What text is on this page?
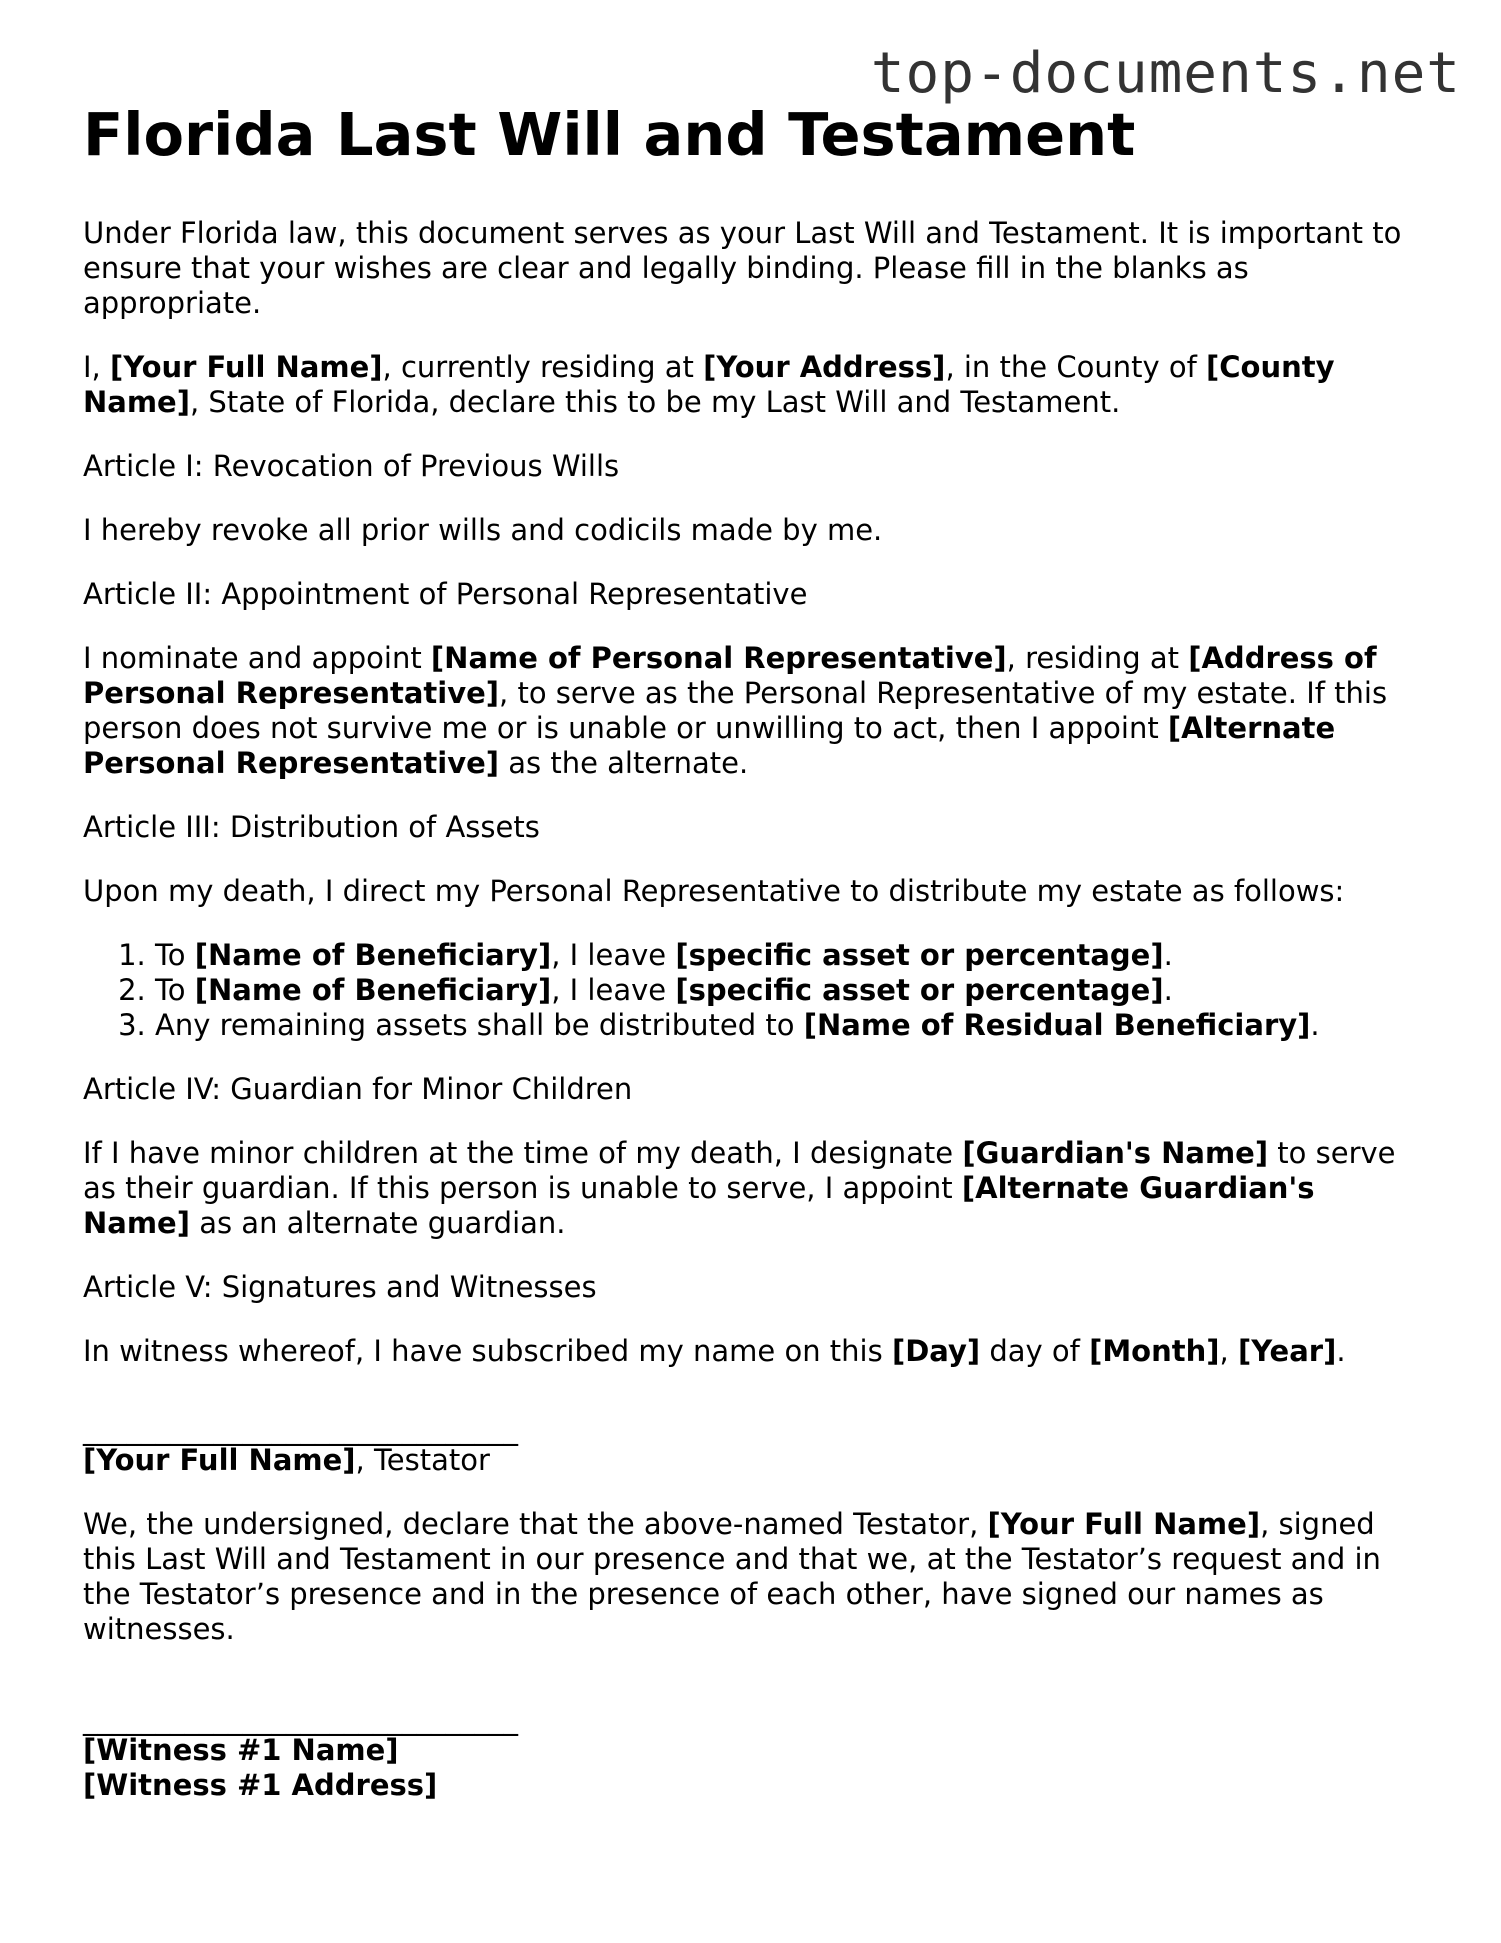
top-documents.net
Florida Last Will and Testament

Under Florida law, this document serves as your Last Will and Testament. It is important to ensure that your wishes are clear and legally binding. Please fill in the blanks as appropriate.

I, [Your Full Name], currently residing at [Your Address], in the County of [County Name], State of Florida, declare this to be my Last Will and Testament.

Article I: Revocation of Previous Wills

I hereby revoke all prior wills and codicils made by me.

Article II: Appointment of Personal Representative

I nominate and appoint [Name of Personal Representative], residing at [Address of Personal Representative], to serve as the Personal Representative of my estate. If this person does not survive me or is unable or unwilling to act, then I appoint [Alternate Personal Representative] as the alternate.

Article III: Distribution of Assets

Upon my death, I direct my Personal Representative to distribute my estate as follows:

1. To [Name of Beneficiary], I leave [specific asset or percentage].
2. To [Name of Beneficiary], I leave [specific asset or percentage].
3. Any remaining assets shall be distributed to [Name of Residual Beneficiary].

Article IV: Guardian for Minor Children

If I have minor children at the time of my death, I designate [Guardian's Name] to serve as their guardian. If this person is unable to serve, I appoint [Alternate Guardian's Name] as an alternate guardian.

Article V: Signatures and Witnesses

In witness whereof, I have subscribed my name on this [Day] day of [Month], [Year].

______________________________
[Your Full Name], Testator

We, the undersigned, declare that the above-named Testator, [Your Full Name], signed this Last Will and Testament in our presence and that we, at the Testator’s request and in the Testator’s presence and in the presence of each other, have signed our names as witnesses.

______________________________
[Witness #1 Name]
[Witness #1 Address]
